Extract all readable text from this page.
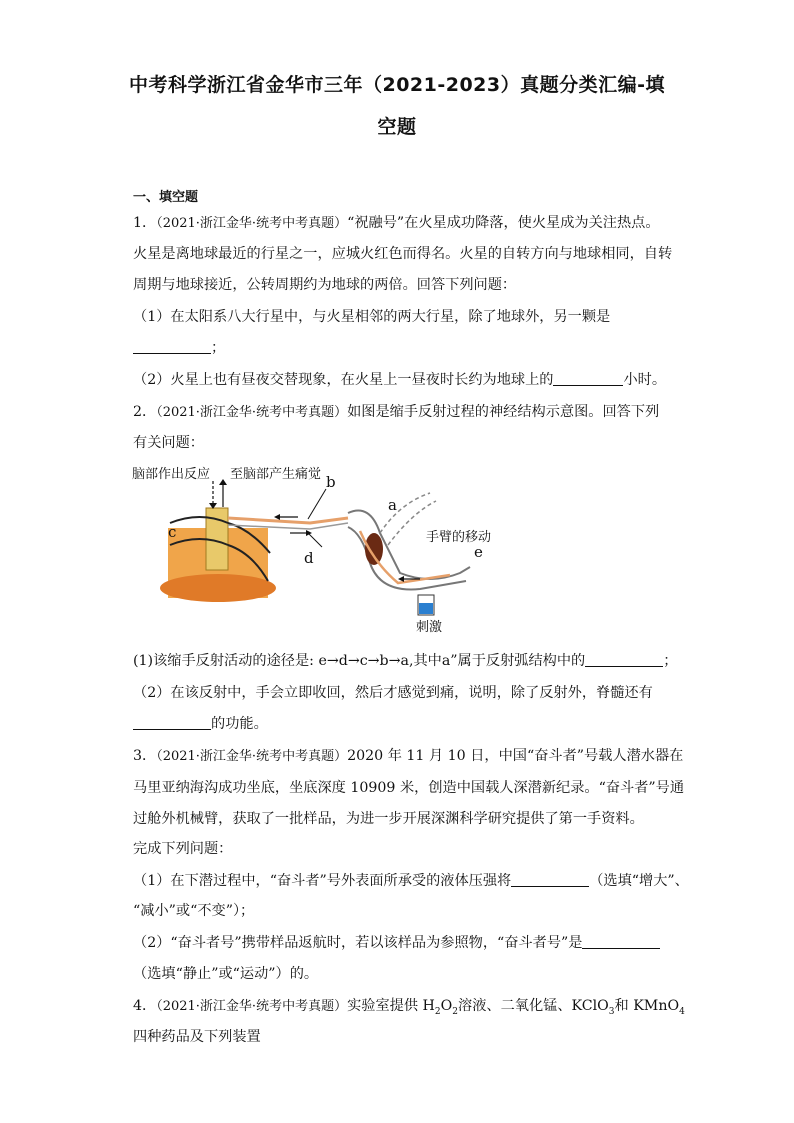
中考科学浙江省金华市三年（2021-2023）真题分类汇编-填
空题
一、填空题
1．（2021·浙江金华·统考中考真题）“祝融号”在火星成功降落，使火星成为关注热点。
火星是离地球最近的行星之一，应城火红色而得名。火星的自转方向与地球相同，自转
周期与地球接近，公转周期约为地球的两倍。回答下列问题：
（1）在太阳系八大行星中，与火星相邻的两大行星，除了地球外，另一颗是
；
（2）火星上也有昼夜交替现象，在火星上一昼夜时长约为地球上的	小时。
2．（2021·浙江金华·统考中考真题）如图是缩手反射过程的神经结构示意图。回答下列
有关问题：
脑部作出反应 至脑部产生痛觉
手臂的移动
刺激
a
b
c
d	e
(1)该缩手反射活动的途径是: e→d→c→b→a,其中a”属于反射弧结构中的	；
（2）在该反射中，手会立即收回，然后才感觉到痛，说明，除了反射外，脊髓还有
的功能。
3．（2021·浙江金华·统考中考真题）2020 年 11 月 10 日，中国“奋斗者”号载人潜水器在
马里亚纳海沟成功坐底，坐底深度 10909 米，创造中国载人深潜新纪录。“奋斗者”号通
过舱外机械臂，获取了一批样品，为进一步开展深渊科学研究提供了第一手资料。
完成下列问题：
（1）在下潜过程中，“奋斗者”号外表面所承受的液体压强将	（选填“增大”、
“减小”或“不变”）；
（2）“奋斗者号”携带样品返航时，若以该样品为参照物，“奋斗者号”是
（选填“静止”或“运动”）的。
4．（2021·浙江金华·统考中考真题）实验室提供 $H_2O_2$溶液、二氧化锰、KClO$_3$和 KMnO$_4$
四种药品及下列装置
